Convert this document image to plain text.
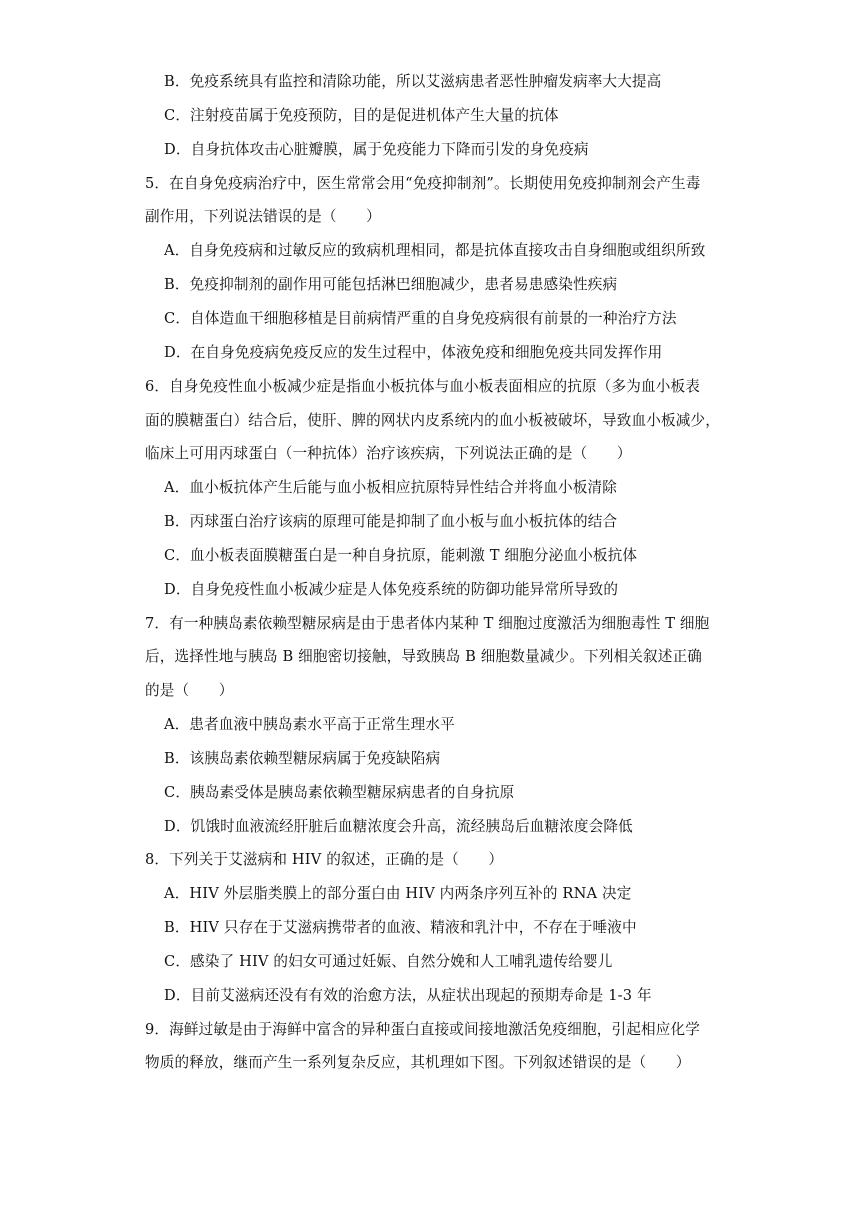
B．免疫系统具有监控和清除功能，所以艾滋病患者恶性肿瘤发病率大大提高
C．注射疫苗属于免疫预防，目的是促进机体产生大量的抗体
D．自身抗体攻击心脏瓣膜，属于免疫能力下降而引发的身免疫病
5．在自身免疫病治疗中，医生常常会用“免疫抑制剂”。长期使用免疫抑制剂会产生毒
副作用，下列说法错误的是（　　）
A．自身免疫病和过敏反应的致病机理相同，都是抗体直接攻击自身细胞或组织所致
B．免疫抑制剂的副作用可能包括淋巴细胞减少，患者易患感染性疾病
C．自体造血干细胞移植是目前病情严重的自身免疫病很有前景的一种治疗方法
D．在自身免疫病免疫反应的发生过程中，体液免疫和细胞免疫共同发挥作用
6．自身免疫性血小板减少症是指血小板抗体与血小板表面相应的抗原（多为血小板表
面的膜糖蛋白）结合后，使肝、脾的网状内皮系统内的血小板被破坏，导致血小板减少，
临床上可用丙球蛋白（一种抗体）治疗该疾病，下列说法正确的是（　　）
A．血小板抗体产生后能与血小板相应抗原特异性结合并将血小板清除
B．丙球蛋白治疗该病的原理可能是抑制了血小板与血小板抗体的结合
C．血小板表面膜糖蛋白是一种自身抗原，能刺激 T 细胞分泌血小板抗体
D．自身免疫性血小板减少症是人体免疫系统的防御功能异常所导致的
7．有一种胰岛素依赖型糖尿病是由于患者体内某种 T 细胞过度激活为细胞毒性 T 细胞
后，选择性地与胰岛 B 细胞密切接触，导致胰岛 B 细胞数量减少。下列相关叙述正确
的是（　　）
A．患者血液中胰岛素水平高于正常生理水平
B．该胰岛素依赖型糖尿病属于免疫缺陷病
C．胰岛素受体是胰岛素依赖型糖尿病患者的自身抗原
D．饥饿时血液流经肝脏后血糖浓度会升高，流经胰岛后血糖浓度会降低
8．下列关于艾滋病和 HIV 的叙述，正确的是（　　）
A．HIV 外层脂类膜上的部分蛋白由 HIV 内两条序列互补的 RNA 决定
B．HIV 只存在于艾滋病携带者的血液、精液和乳汁中，不存在于唾液中
C．感染了 HIV 的妇女可通过妊娠、自然分娩和人工哺乳遗传给婴儿
D．目前艾滋病还没有有效的治愈方法，从症状出现起的预期寿命是 1-3 年
9．海鲜过敏是由于海鲜中富含的异种蛋白直接或间接地激活免疫细胞，引起相应化学
物质的释放，继而产生一系列复杂反应，其机理如下图。下列叙述错误的是（　　）
